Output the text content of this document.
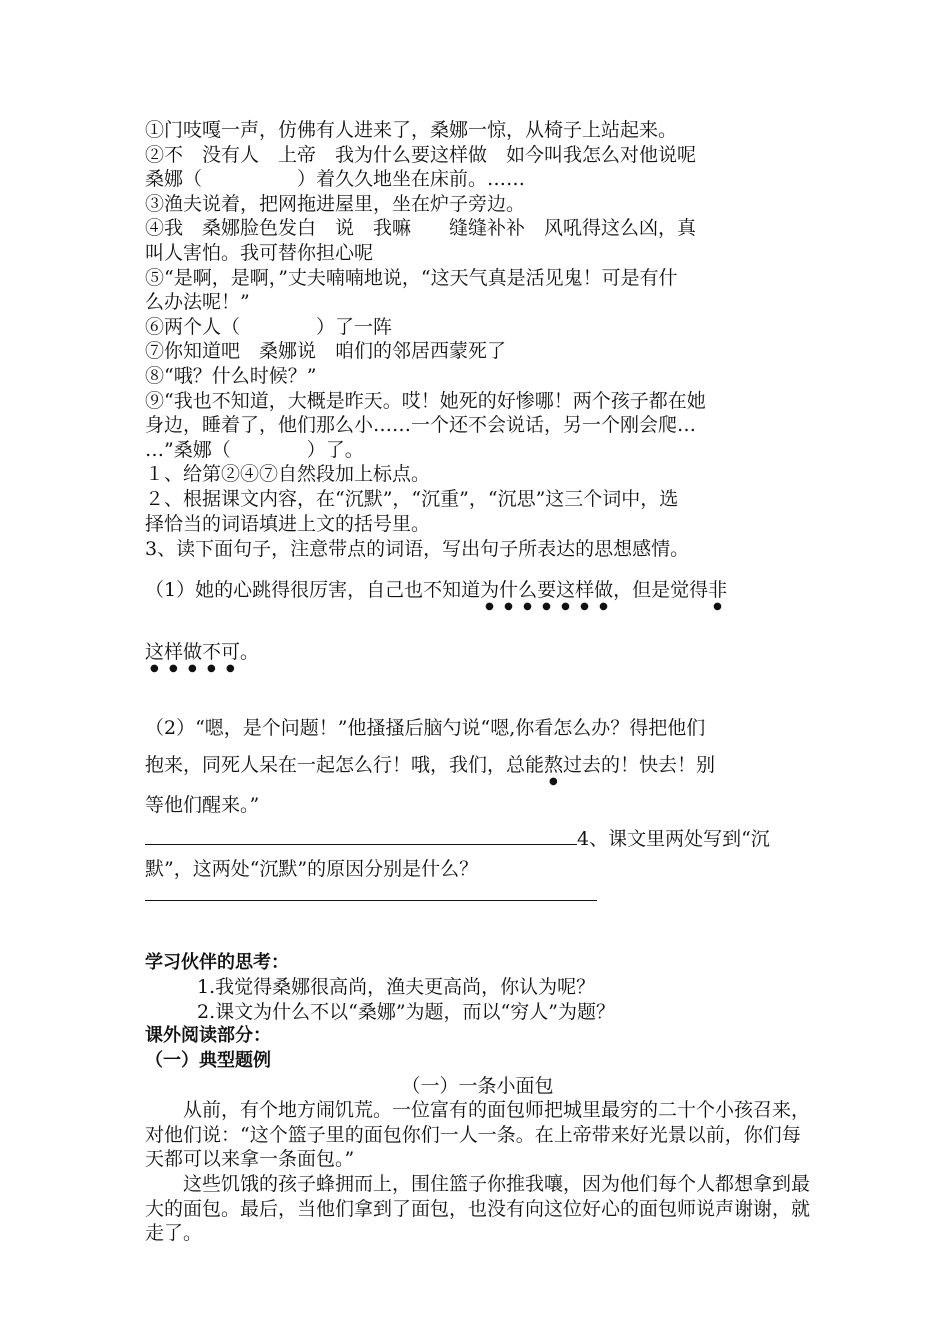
①门吱嘎一声，仿佛有人进来了，桑娜一惊，从椅子上站起来。
②不　没有人　上帝　我为什么要这样做　如今叫我怎么对他说呢
桑娜（　　　　　）着久久地坐在床前。……
③渔夫说着，把网拖进屋里，坐在炉子旁边。
④我　桑娜脸色发白　说　我嘛　　缝缝补补　风吼得这么凶，真
叫人害怕。我可替你担心呢
⑤“是啊，是啊，”丈夫喃喃地说，“这天气真是活见鬼！可是有什
么办法呢！”
⑥两个人（　　　　）了一阵
⑦你知道吧　桑娜说　咱们的邻居西蒙死了
⑧“哦？什么时候？”
⑨“我也不知道，大概是昨天。哎！她死的好惨哪！两个孩子都在她
身边，睡着了，他们那么小……一个还不会说话，另一个刚会爬…
…”桑娜（　　　　）了。
１、给第②④⑦自然段加上标点。
２、根据课文内容，在“沉默”，“沉重”，“沉思”这三个词中，选
择恰当的词语填进上文的括号里。
3、读下面句子，注意带点的词语，写出句子所表达的思想感情。
（1）她的心跳得很厉害，自己也不知道为什么要这样做，但是觉得非
这样做不可。
（2）“嗯，是个问题！”他搔搔后脑勺说“嗯,你看怎么办？得把他们
抱来，同死人呆在一起怎么行！哦，我们，总能熬过去的！快去！别
等他们醒来。”
4、课文里两处写到“沉
默”，这两处“沉默”的原因分别是什么？
学习伙伴的思考：
1.我觉得桑娜很高尚，渔夫更高尚，你认为呢？
2.课文为什么不以“桑娜”为题，而以“穷人”为题？
课外阅读部分：
（一）典型题例
（一）一条小面包
从前，有个地方闹饥荒。一位富有的面包师把城里最穷的二十个小孩召来，对他们说：“这个篮子里的面包你们一人一条。在上帝带来好光景以前，你们每天都可以来拿一条面包。”
这些饥饿的孩子蜂拥而上，围住篮子你推我嚷，因为他们每个人都想拿到最大的面包。最后，当他们拿到了面包，也没有向这位好心的面包师说声谢谢，就走了。
